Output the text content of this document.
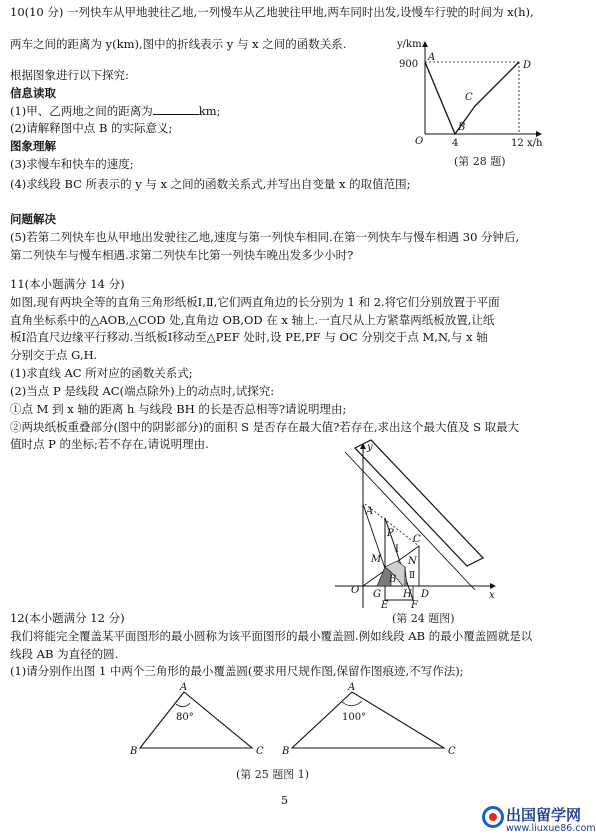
10(10 分) 一列快车从甲地驶往乙地,一列慢车从乙地驶往甲地,两车同时出发,设慢车行驶的时间为 x(h),
两车之间的距离为 y(km),图中的折线表示 y 与 x 之间的函数关系.
根据图象进行以下探究:
信息读取
(1)甲、乙两地之间的距离为	km;
(2)请解释图中点 B 的实际意义;
图象理解
(3)求慢车和快车的速度;
(4)求线段 BC 所表示的 y 与 x 之间的函数关系式,并写出自变量 x 的取值范围;
问题解决
(5)若第二列快车也从甲地出发驶往乙地,速度与第一列快车相同.在第一列快车与慢车相遇 30 分钟后,
第二列快车与慢车相遇.求第二列快车比第一列快车晚出发多少小时?
y/km
900
A
O
B
C
D
4	12 x/h
(第 28 题)
11(本小题满分 14 分)
如图,现有两块全等的直角三角形纸板Ⅰ,Ⅱ,它们两直角边的长分别为 1 和 2.将它们分别放置于平面
直角坐标系中的△AOB,△COD 处,直角边 OB,OD 在 x 轴上.一直尺从上方紧靠两纸板放置,让纸
板Ⅰ沿直尺边缘平行移动.当纸板Ⅰ移动至△PEF 处时,设 PE,PF 与 OC 分别交于点 M,N,与 x 轴
分别交于点 G,H.
(1)求直线 AC 所对应的函数关系式;
(2)当点 P 是线段 AC(端点除外)上的动点时,试探究:
①点 M 到 x 轴的距离 h 与线段 BH 的长是否总相等?请说明理由;
②两块纸板重叠部分(图中的阴影部分)的面积 S 是否存在最大值?若存在,求出这个最大值及 S 取最大
值时点 P 的坐标;若不存在,请说明理由.	y
x
O
A
P
C
M	N
G
B
H D
E F
Ⅰ
Ⅱ
(第 24 题图)
12(本小题满分 12 分)
我们将能完全覆盖某平面图形的最小圆称为该平面图形的最小覆盖圆.例如线段 AB 的最小覆盖圆就是以
线段 AB 为直径的圆.
(1)请分别作出图 1 中两个三角形的最小覆盖圆(要求用尺规作图,保留作图痕迹,不写作法);
A
B	C
80°
A
B	C
100°
(第 25 题图 1)
5
出国留学网
www.liuxue86.com
